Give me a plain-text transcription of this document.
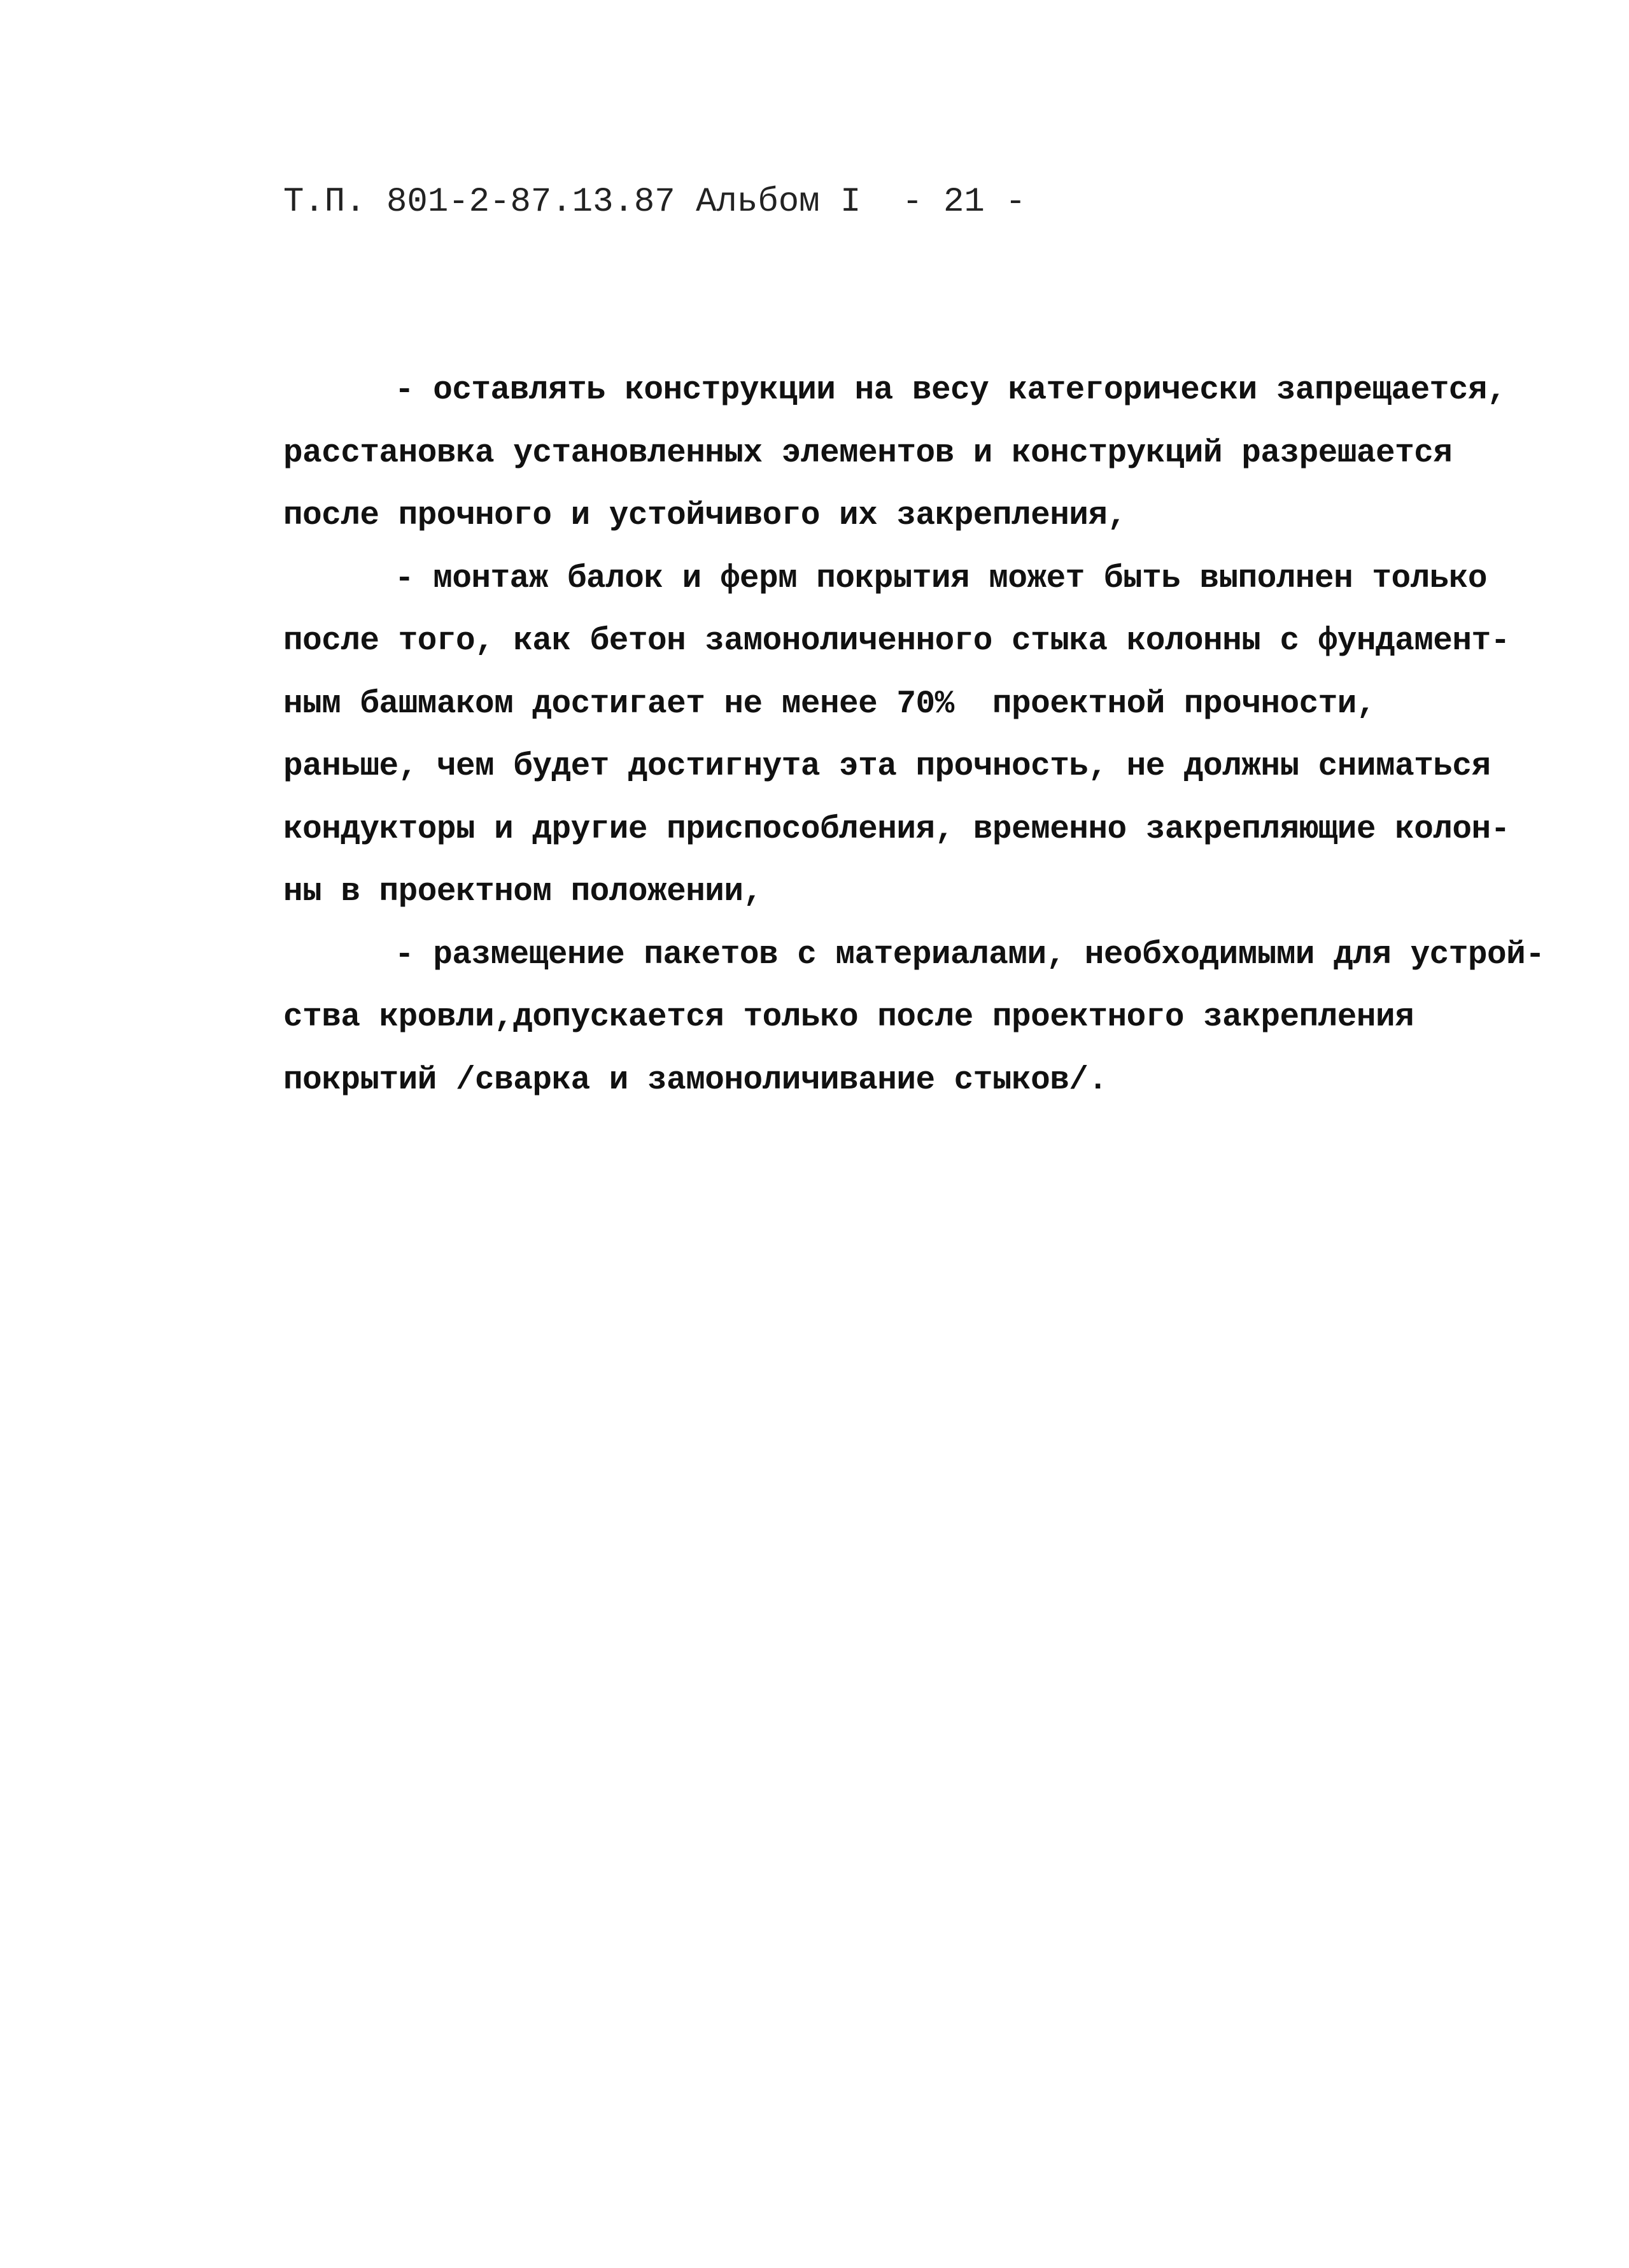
Т.П. 801-2-87.13.87 Альбом I  - 21 -
- оставлять конструкции на весу категорически запрещается,
расстановка установленных элементов и конструкций разрешается
после прочного и устойчивого их закрепления,
- монтаж балок и ферм покрытия может быть выполнен только
после того, как бетон замоноличенного стыка колонны с фундамент-
ным башмаком достигает не менее 70%  проектной прочности,
раньше, чем будет достигнута эта прочность, не должны сниматься
кондукторы и другие приспособления, временно закрепляющие колон-
ны в проектном положении,
- размещение пакетов с материалами, необходимыми для устрой-
ства кровли,допускается только после проектного закрепления
покрытий /сварка и замоноличивание стыков/.
